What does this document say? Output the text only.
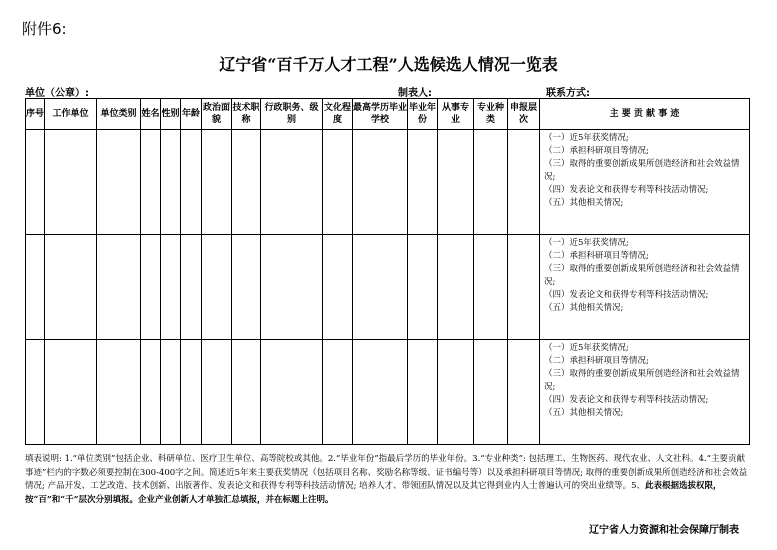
附件6:
辽宁省“百千万人才工程”人选候选人情况一览表
单位（公章）:	制表人:	联系方式:
序号	工作单位	单位类别	姓名	性别	年龄	政治面貌	技术职称	行政职务、级别	文化程度	最高学历毕业学校	毕业年份	从事专业	专业种类	申报层次	主 要 贡 献 事 迹

															（一）近5年获奖情况;
（二）承担科研项目等情况;
（三）取得的重要创新成果所创造经济和社会效益情况;
（四）发表论文和获得专利等科技活动情况;
（五）其他相关情况;

															（一）近5年获奖情况;
（二）承担科研项目等情况;
（三）取得的重要创新成果所创造经济和社会效益情况;
（四）发表论文和获得专利等科技活动情况;
（五）其他相关情况;

															（一）近5年获奖情况;
（二）承担科研项目等情况;
（三）取得的重要创新成果所创造经济和社会效益情况;
（四）发表论文和获得专利等科技活动情况;
（五）其他相关情况;
填表说明: 1.“单位类别”包括企业、科研单位、医疗卫生单位、高等院校或其他。2.“毕业年份”指最后学历的毕业年份。3.“专业种类”: 包括理工、生物医药、现代农业、人文社科。4.“主要贡献事迹”栏内的字数必须要控制在300-400字之间。简述近5年来主要获奖情况（包括项目名称、奖励名称等级、证书编号等）以及承担科研项目等情况; 取得的重要创新成果所创造经济和社会效益情况; 产品开发、工艺改造、技术创新、出版著作、发表论文和获得专利等科技活动情况; 培养人才、带领团队情况以及其它得到业内人士普遍认可的突出业绩等。5、此表根据选拔权限，按“百”和“千”层次分别填报。企业产业创新人才单独汇总填报，并在标题上注明。
辽宁省人力资源和社会保障厅制表
